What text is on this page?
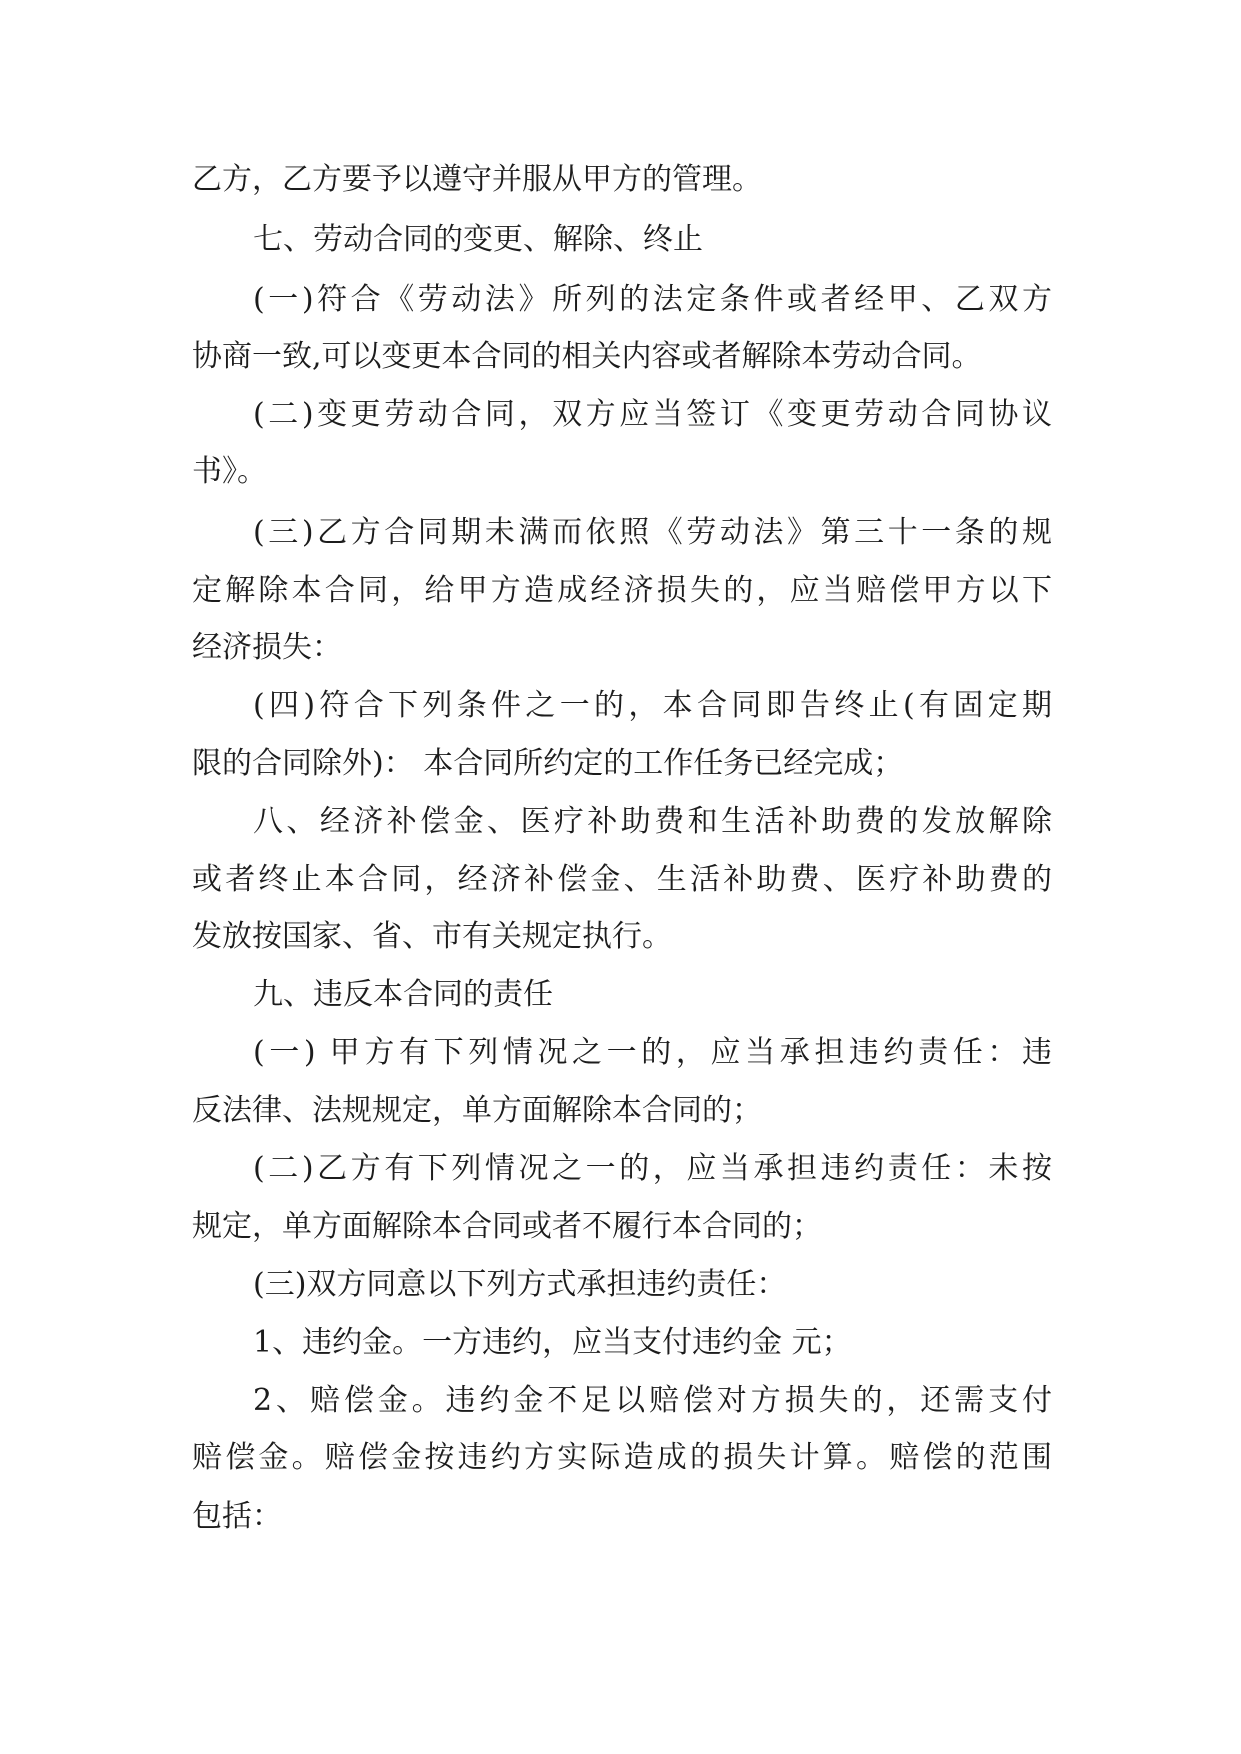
乙方，乙方要予以遵守并服从甲方的管理。
七、劳动合同的变更、解除、终止
(一)符合《劳动法》所列的法定条件或者经甲、乙双方
协商一致,可以变更本合同的相关内容或者解除本劳动合同。
(二)变更劳动合同，双方应当签订《变更劳动合同协议
书》。
(三)乙方合同期未满而依照《劳动法》第三十一条的规
定解除本合同，给甲方造成经济损失的，应当赔偿甲方以下
经济损失：
(四)符合下列条件之一的，本合同即告终止(有固定期
限的合同除外)： 本合同所约定的工作任务已经完成；
八、经济补偿金、医疗补助费和生活补助费的发放解除
或者终止本合同，经济补偿金、生活补助费、医疗补助费的
发放按国家、省、市有关规定执行。
九、违反本合同的责任
(一) 甲方有下列情况之一的，应当承担违约责任：违
反法律、法规规定，单方面解除本合同的；
(二)乙方有下列情况之一的，应当承担违约责任：未按
规定，单方面解除本合同或者不履行本合同的；
(三)双方同意以下列方式承担违约责任：
1、违约金。一方违约，应当支付违约金 元；
2、赔偿金。违约金不足以赔偿对方损失的，还需支付
赔偿金。赔偿金按违约方实际造成的损失计算。赔偿的范围
包括：
